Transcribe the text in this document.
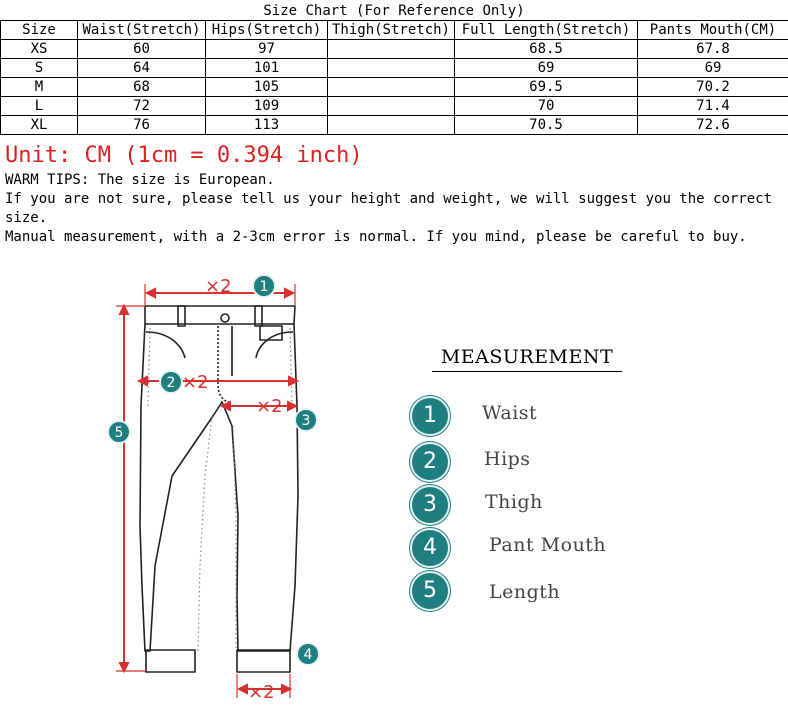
Size Chart (For Reference Only)
Size	Waist(Stretch)	Hips(Stretch)	Thigh(Stretch)	Full Length(Stretch)	Pants Mouth(CM)
XS	60	97		68.5	67.8
S	64	101		69	69
M	68	105		69.5	70.2
L	72	109		70	71.4
XL	76	113		70.5	72.6
Unit: CM (1cm = 0.394 inch)

WARM TIPS: The size is European.

If you are not sure, please tell us your height and weight, we will suggest you the correct size.

Manual measurement, with a 2-3cm error is normal. If you mind, please be careful to buy.

×2
×2
×2
×2
1
2
3
4
5
MEASUREMENT
1	Waist
2	Hips
3	Thigh
4	Pant Mouth
5	Length
